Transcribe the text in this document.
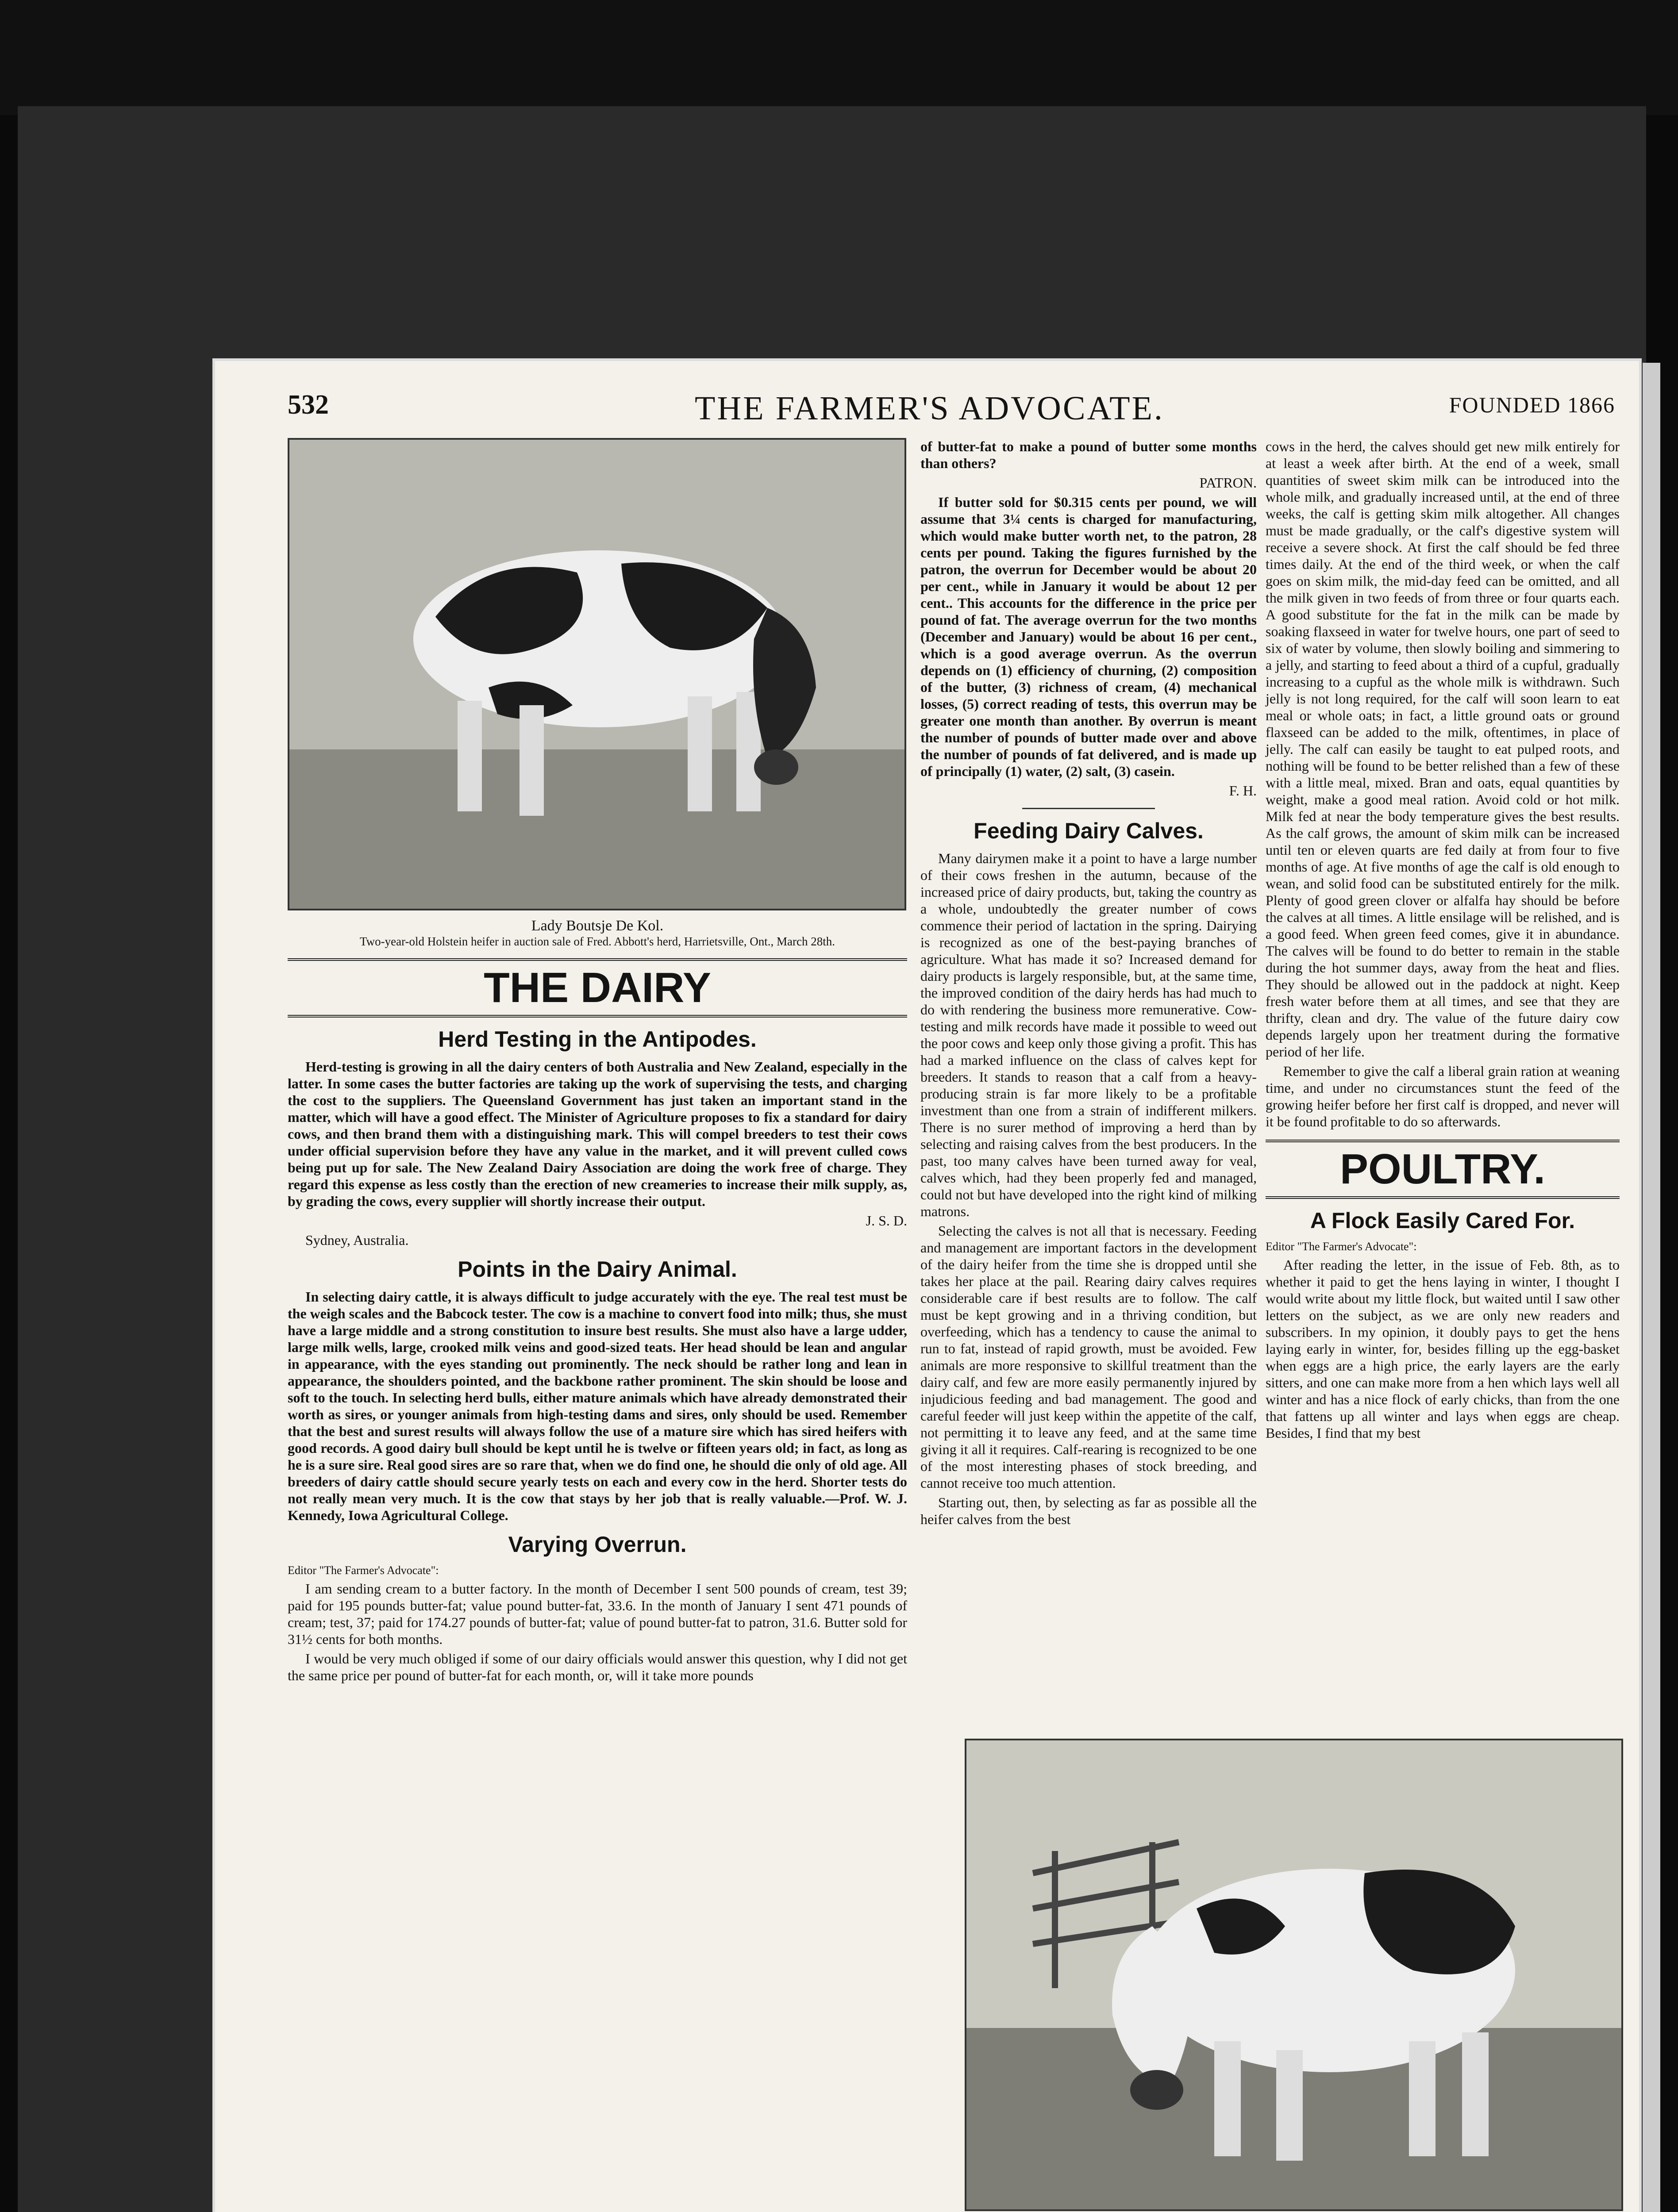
532	THE FARMER'S ADVOCATE.	FOUNDED 1866
Lady Boutsje De Kol.
Two-year-old Holstein heifer in auction sale of Fred. Abbott's herd, Harrietsville, Ont., March 28th.
THE DAIRY
Herd Testing in the Antipodes.

Herd-testing is growing in all the dairy centers of both Australia and New Zealand, especially in the latter. In some cases the butter factories are taking up the work of supervising the tests, and charging the cost to the suppliers. The Queensland Government has just taken an important stand in the matter, which will have a good effect. The Minister of Agriculture proposes to fix a standard for dairy cows, and then brand them with a distinguishing mark. This will compel breeders to test their cows under official supervision before they have any value in the market, and it will prevent culled cows being put up for sale. The New Zealand Dairy Association are doing the work free of charge. They regard this expense as less costly than the erection of new creameries to increase their milk supply, as, by grading the cows, every supplier will shortly increase their output.

J. S. D.

Sydney, Australia.

Points in the Dairy Animal.

In selecting dairy cattle, it is always difficult to judge accurately with the eye. The real test must be the weigh scales and the Babcock tester. The cow is a machine to convert food into milk; thus, she must have a large middle and a strong constitution to insure best results. She must also have a large udder, large milk wells, large, crooked milk veins and good-sized teats. Her head should be lean and angular in appearance, with the eyes standing out prominently. The neck should be rather long and lean in appearance, the shoulders pointed, and the backbone rather prominent. The skin should be loose and soft to the touch. In selecting herd bulls, either mature animals which have already demonstrated their worth as sires, or younger animals from high-testing dams and sires, only should be used. Remember that the best and surest results will always follow the use of a mature sire which has sired heifers with good records. A good dairy bull should be kept until he is twelve or fifteen years old; in fact, as long as he is a sure sire. Real good sires are so rare that, when we do find one, he should die only of old age. All breeders of dairy cattle should secure yearly tests on each and every cow in the herd. Shorter tests do not really mean very much. It is the cow that stays by her job that is really valuable.—Prof. W. J. Kennedy, Iowa Agricultural College.

Varying Overrun.

Editor "The Farmer's Advocate":

I am sending cream to a butter factory. In the month of December I sent 500 pounds of cream, test 39; paid for 195 pounds butter-fat; value pound butter-fat, 33.6. In the month of January I sent 471 pounds of cream; test, 37; paid for 174.27 pounds of butter-fat; value of pound butter-fat to patron, 31.6. Butter sold for 31½ cents for both months.

I would be very much obliged if some of our dairy officials would answer this question, why I did not get the same price per pound of butter-fat for each month, or, will it take more pounds

of butter-fat to make a pound of butter some months than others?

PATRON.

If butter sold for $0.315 cents per pound, we will assume that 3¼ cents is charged for manufacturing, which would make butter worth net, to the patron, 28 cents per pound. Taking the figures furnished by the patron, the overrun for December would be about 20 per cent., while in January it would be about 12 per cent.. This accounts for the difference in the price per pound of fat. The average overrun for the two months (December and January) would be about 16 per cent., which is a good average overrun. As the overrun depends on (1) efficiency of churning, (2) composition of the butter, (3) richness of cream, (4) mechanical losses, (5) correct reading of tests, this overrun may be greater one month than another. By overrun is meant the number of pounds of butter made over and above the number of pounds of fat delivered, and is made up of principally (1) water, (2) salt, (3) casein.

F. H.

Feeding Dairy Calves.

Many dairymen make it a point to have a large number of their cows freshen in the autumn, because of the increased price of dairy products, but, taking the country as a whole, undoubtedly the greater number of cows commence their period of lactation in the spring. Dairying is recognized as one of the best-paying branches of agriculture. What has made it so? Increased demand for dairy products is largely responsible, but, at the same time, the improved condition of the dairy herds has had much to do with rendering the business more remunerative. Cow-testing and milk records have made it possible to weed out the poor cows and keep only those giving a profit. This has had a marked influence on the class of calves kept for breeders. It stands to reason that a calf from a heavy-producing strain is far more likely to be a profitable investment than one from a strain of indifferent milkers. There is no surer method of improving a herd than by selecting and raising calves from the best producers. In the past, too many calves have been turned away for veal, calves which, had they been properly fed and managed, could not but have developed into the right kind of milking matrons.

Selecting the calves is not all that is necessary. Feeding and management are important factors in the development of the dairy heifer from the time she is dropped until she takes her place at the pail. Rearing dairy calves requires considerable care if best results are to follow. The calf must be kept growing and in a thriving condition, but overfeeding, which has a tendency to cause the animal to run to fat, instead of rapid growth, must be avoided. Few animals are more responsive to skillful treatment than the dairy calf, and few are more easily permanently injured by injudicious feeding and bad management. The good and careful feeder will just keep within the appetite of the calf, not permitting it to leave any feed, and at the same time giving it all it requires. Calf-rearing is recognized to be one of the most interesting phases of stock breeding, and cannot receive too much attention.

Starting out, then, by selecting as far as possible all the heifer calves from the best

cows in the herd, the calves should get new milk entirely for at least a week after birth. At the end of a week, small quantities of sweet skim milk can be introduced into the whole milk, and gradually increased until, at the end of three weeks, the calf is getting skim milk altogether. All changes must be made gradually, or the calf's digestive system will receive a severe shock. At first the calf should be fed three times daily. At the end of the third week, or when the calf goes on skim milk, the mid-day feed can be omitted, and all the milk given in two feeds of from three or four quarts each. A good substitute for the fat in the milk can be made by soaking flaxseed in water for twelve hours, one part of seed to six of water by volume, then slowly boiling and simmering to a jelly, and starting to feed about a third of a cupful, gradually increasing to a cupful as the whole milk is withdrawn. Such jelly is not long required, for the calf will soon learn to eat meal or whole oats; in fact, a little ground oats or ground flaxseed can be added to the milk, oftentimes, in place of jelly. The calf can easily be taught to eat pulped roots, and nothing will be found to be better relished than a few of these with a little meal, mixed. Bran and oats, equal quantities by weight, make a good meal ration. Avoid cold or hot milk. Milk fed at near the body temperature gives the best results. As the calf grows, the amount of skim milk can be increased until ten or eleven quarts are fed daily at from four to five months of age. At five months of age the calf is old enough to wean, and solid food can be substituted entirely for the milk. Plenty of good green clover or alfalfa hay should be before the calves at all times. A little ensilage will be relished, and is a good feed. When green feed comes, give it in abundance. The calves will be found to do better to remain in the stable during the hot summer days, away from the heat and flies. They should be allowed out in the paddock at night. Keep fresh water before them at all times, and see that they are thrifty, clean and dry. The value of the future dairy cow depends largely upon her treatment during the formative period of her life.

Remember to give the calf a liberal grain ration at weaning time, and under no circumstances stunt the feed of the growing heifer before her first calf is dropped, and never will it be found profitable to do so afterwards.

POULTRY.
A Flock Easily Cared For.

Editor "The Farmer's Advocate":

After reading the letter, in the issue of Feb. 8th, as to whether it paid to get the hens laying in winter, I thought I would write about my little flock, but waited until I saw other letters on the subject, as we are only new readers and subscribers. In my opinion, it doubly pays to get the hens laying early in winter, for, besides filling up the egg-basket when eggs are a high price, the early layers are the early sitters, and one can make more from a hen which lays well all winter and has a nice flock of early chicks, than from the one that fattens up all winter and lays when eggs are cheap. Besides, I find that my best
